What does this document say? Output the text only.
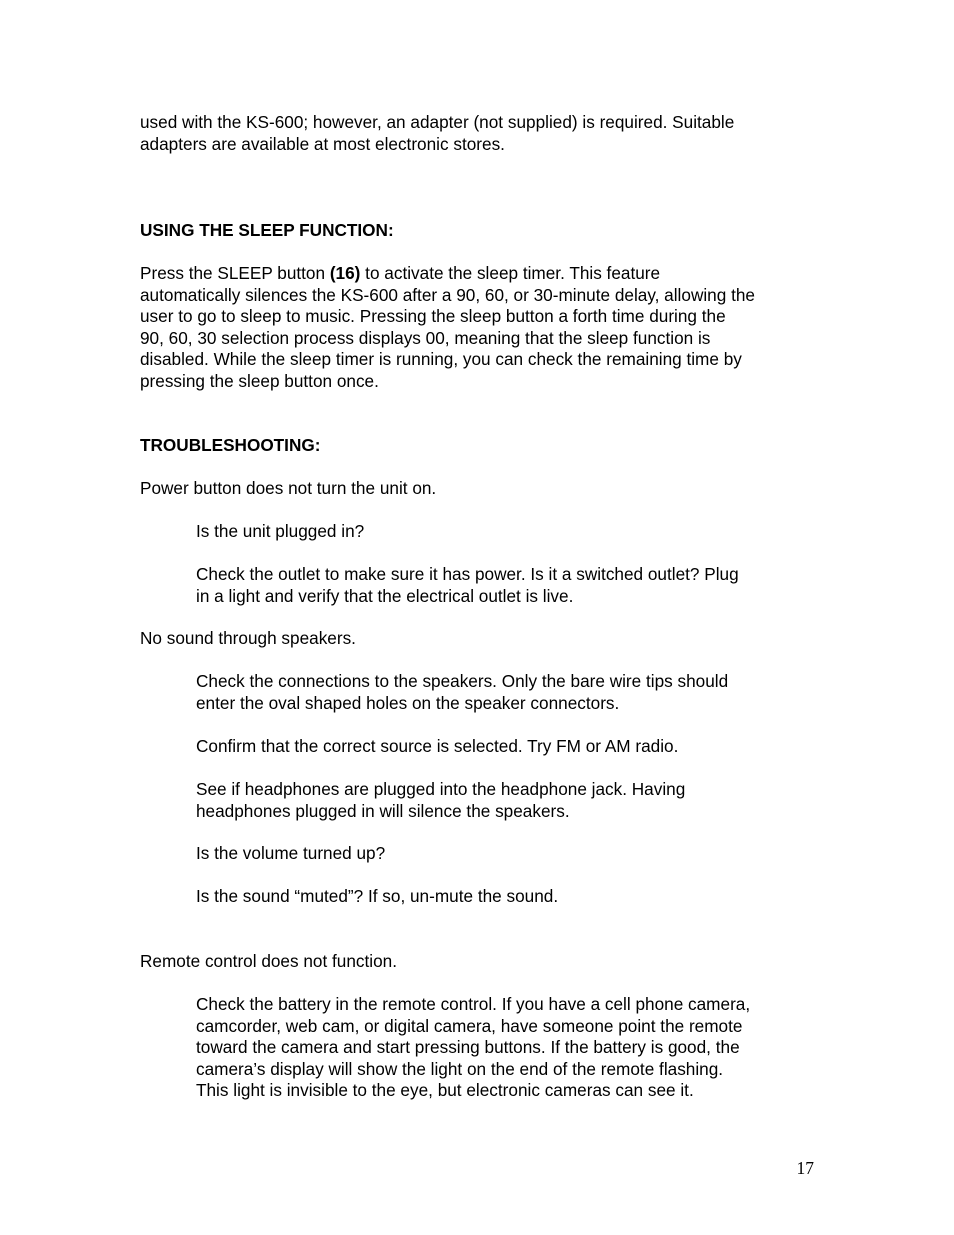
used with the KS-600; however, an adapter (not supplied) is required. Suitable
adapters are available at most electronic stores.

USING THE SLEEP FUNCTION:

Press the SLEEP button (16) to activate the sleep timer. This feature
automatically silences the KS-600 after a 90, 60, or 30-minute delay, allowing the
user to go to sleep to music. Pressing the sleep button a forth time during the
90, 60, 30 selection process displays 00, meaning that the sleep function is
disabled. While the sleep timer is running, you can check the remaining time by
pressing the sleep button once.

TROUBLESHOOTING:

Power button does not turn the unit on.

Is the unit plugged in?

Check the outlet to make sure it has power. Is it a switched outlet? Plug
in a light and verify that the electrical outlet is live.

No sound through speakers.

Check the connections to the speakers. Only the bare wire tips should
enter the oval shaped holes on the speaker connectors.

Confirm that the correct source is selected. Try FM or AM radio.

See if headphones are plugged into the headphone jack. Having
headphones plugged in will silence the speakers.

Is the volume turned up?

Is the sound “muted”? If so, un-mute the sound.

Remote control does not function.

Check the battery in the remote control. If you have a cell phone camera,
camcorder, web cam, or digital camera, have someone point the remote
toward the camera and start pressing buttons. If the battery is good, the
camera’s display will show the light on the end of the remote flashing.
This light is invisible to the eye, but electronic cameras can see it.

17
